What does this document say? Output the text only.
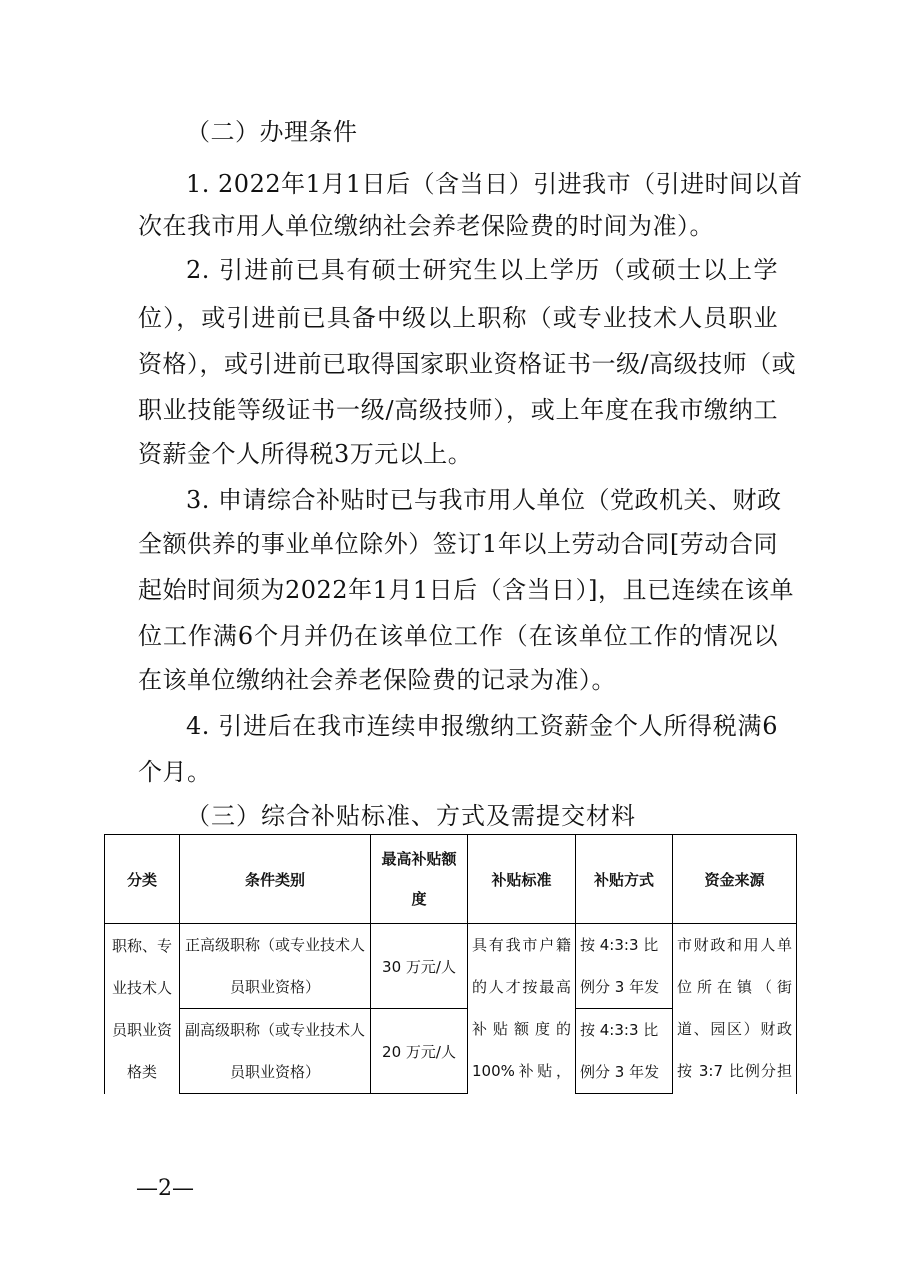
（二）办理条件
1. 2022年1月1日后（含当日）引进我市（引进时间以首
次在我市用人单位缴纳社会养老保险费的时间为准）。
2. 引进前已具有硕士研究生以上学历（或硕士以上学
位），或引进前已具备中级以上职称（或专业技术人员职业
资格），或引进前已取得国家职业资格证书一级/高级技师（或
职业技能等级证书一级/高级技师），或上年度在我市缴纳工
资薪金个人所得税3万元以上。
3. 申请综合补贴时已与我市用人单位（党政机关、财政
全额供养的事业单位除外）签订1年以上劳动合同[劳动合同
起始时间须为2022年1月1日后（含当日）]，且已连续在该单
位工作满6个月并仍在该单位工作（在该单位工作的情况以
在该单位缴纳社会养老保险费的记录为准）。
4. 引进后在我市连续申报缴纳工资薪金个人所得税满6
个月。
（三）综合补贴标准、方式及需提交材料
分类	条件类别	最高补贴额度	补贴标准	补贴方式	资金来源

职称、专业技术人员职业资格类	正高级职称（或专业技术人员职业资格）	30 万元/人	具有我市户籍的人才按最高补贴额度的100%补贴，	按 4:3:3 比例分 3 年发	市财政和用人单位所在镇（街道、园区）财政按 3:7 比例分担

	副高级职称（或专业技术人员职业资格）	20 万元/人		按 4:3:3 比例分 3 年发	
—2—
